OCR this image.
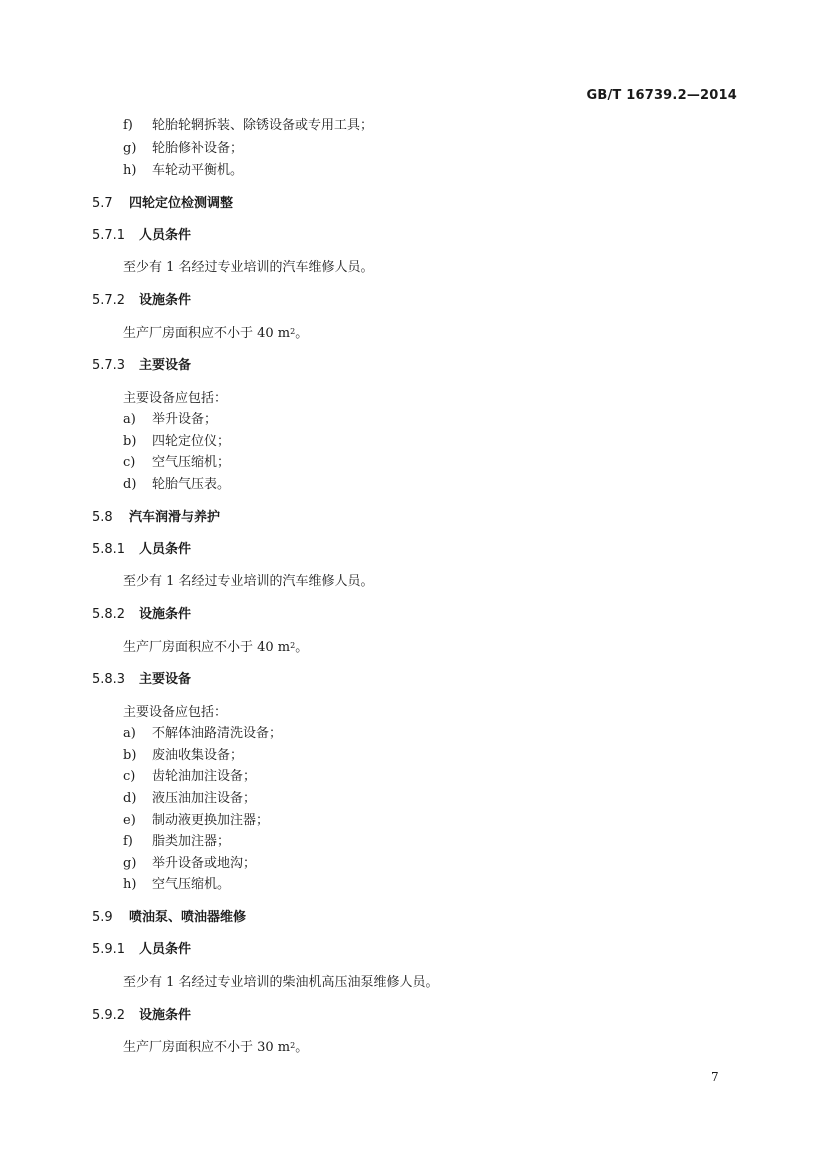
GB/T 16739.2—2014
f) 轮胎轮辋拆装、除锈设备或专用工具；
g) 轮胎修补设备；
h) 车轮动平衡机。
5.7 四轮定位检测调整
5.7.1 人员条件
至少有 1 名经过专业培训的汽车维修人员。
5.7.2 设施条件
生产厂房面积应不小于 40 $m^2$。
5.7.3 主要设备
主要设备应包括：
a) 举升设备；
b) 四轮定位仪；
c) 空气压缩机；
d) 轮胎气压表。
5.8 汽车润滑与养护
5.8.1 人员条件
至少有 1 名经过专业培训的汽车维修人员。
5.8.2 设施条件
生产厂房面积应不小于 40 $m^2$。
5.8.3 主要设备
主要设备应包括：
a) 不解体油路清洗设备；
b) 废油收集设备；
c) 齿轮油加注设备；
d) 液压油加注设备；
e) 制动液更换加注器；
f) 脂类加注器；
g) 举升设备或地沟；
h) 空气压缩机。
5.9 喷油泵、喷油器维修
5.9.1 人员条件
至少有 1 名经过专业培训的柴油机高压油泵维修人员。
5.9.2 设施条件
生产厂房面积应不小于 30 $m^2$。
7
